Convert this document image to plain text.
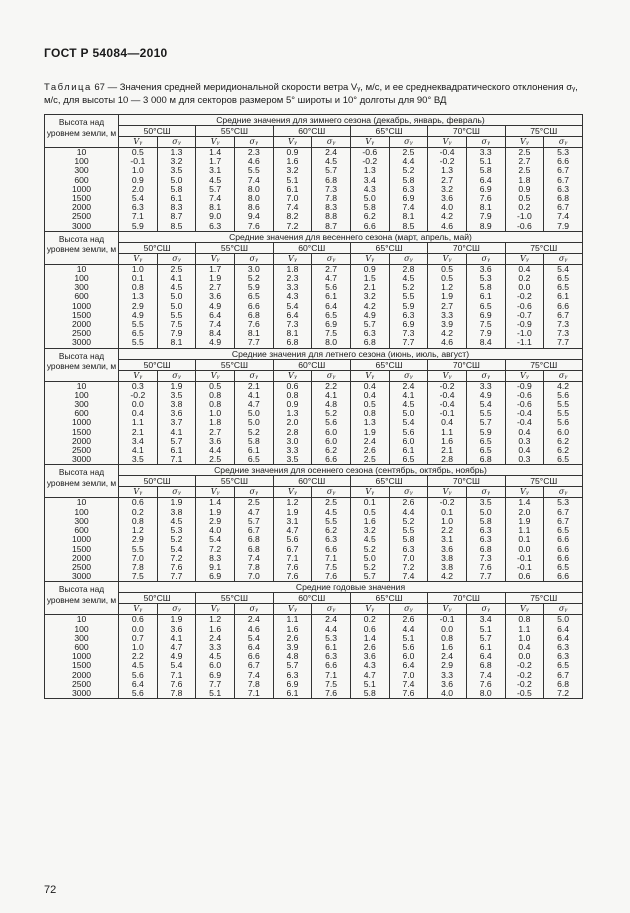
ГОСТ Р 54084—2010
Таблица 67 — Значения средней меридиональной скорости ветра Vᵧ, м/с, и ее среднеквадратического отклонения σᵧ, м/с, для высоты 10 — 3 000 м для секторов размером 5° широты и 10° долготы для 90° ВД
Высота над уровнем земли, м	Средние значения для зимнего сезона (декабрь, январь, февраль)											
	50°СШ		55°СШ		60°СШ		65°СШ		70°СШ		75°СШ	
	Vᵧ	σᵧ	Vᵧ	σᵧ	Vᵧ	σᵧ	Vᵧ	σᵧ	Vᵧ	σᵧ	Vᵧ	σᵧ
10	0.5	1.3	1.4	2.3	0.9	2.4	-0.6	2.5	-0.4	3.3	2.5	5.3
100	-0.1	3.2	1.7	4.6	1.6	4.5	-0.2	4.4	-0.2	5.1	2.7	6.6
300	1.0	3.5	3.1	5.5	3.2	5.7	1.3	5.2	1.3	5.8	2.5	6.7
600	0.9	5.0	4.5	7.4	5.1	6.8	3.4	5.8	2.7	6.4	1.8	6.7
1000	2.0	5.8	5.7	8.0	6.1	7.3	4.3	6.3	3.2	6.9	0.9	6.3
1500	5.4	6.1	7.4	8.0	7.0	7.8	5.0	6.9	3.6	7.6	0.5	6.8
2000	6.3	8.3	8.1	8.6	7.4	8.3	5.8	7.4	4.0	8.1	0.2	6.7
2500	7.1	8.7	9.0	9.4	8.2	8.8	6.2	8.1	4.2	7.9	-1.0	7.4
3000	5.9	8.5	6.3	7.6	7.2	8.7	6.6	8.5	4.6	8.9	-0.6	7.9
Высота над уровнем земли, м	Средние значения для весеннего сезона (март, апрель, май)											
	50°СШ		55°СШ		60°СШ		65°СШ		70°СШ		75°СШ	
	Vᵧ	σᵧ	Vᵧ	σᵧ	Vᵧ	σᵧ	Vᵧ	σᵧ	Vᵧ	σᵧ	Vᵧ	σᵧ
10	1.0	2.5	1.7	3.0	1.8	2.7	0.9	2.8	0.5	3.6	0.4	5.4
100	0.1	4.1	1.9	5.2	2.3	4.7	1.5	4.5	0.5	5.3	0.2	6.5
300	0.8	4.5	2.7	5.9	3.3	5.6	2.1	5.2	1.2	5.8	0.0	6.5
600	1.3	5.0	3.6	6.5	4.3	6.1	3.2	5.5	1.9	6.1	-0.2	6.1
1000	2.9	5.0	4.9	6.6	5.4	6.4	4.2	5.9	2.7	6.5	-0.6	6.6
1500	4.9	5.5	6.4	6.8	6.4	6.5	4.9	6.3	3.3	6.9	-0.7	6.7
2000	5.5	7.5	7.4	7.6	7.3	6.9	5.7	6.9	3.9	7.5	-0.9	7.3
2500	6.5	7.9	8.4	8.1	8.1	7.5	6.3	7.3	4.2	7.9	-1.0	7.3
3000	5.5	8.1	4.9	7.7	6.8	8.0	6.8	7.7	4.6	8.4	-1.1	7.7
Высота над уровнем земли, м	Средние значения для летнего сезона (июнь, июль, август)											
	50°СШ		55°СШ		60°СШ		65°СШ		70°СШ		75°СШ	
	Vᵧ	σᵧ	Vᵧ	σᵧ	Vᵧ	σᵧ	Vᵧ	σᵧ	Vᵧ	σᵧ	Vᵧ	σᵧ
10	0.3	1.9	0.5	2.1	0.6	2.2	0.4	2.4	-0.2	3.3	-0.9	4.2
100	-0.2	3.5	0.8	4.1	0.8	4.1	0.4	4.1	-0.4	4.9	-0.6	5.6
300	0.0	3.8	0.8	4.7	0.9	4.8	0.5	4.5	-0.4	5.4	-0.6	5.5
600	0.4	3.6	1.0	5.0	1.3	5.2	0.8	5.0	-0.1	5.5	-0.4	5.5
1000	1.1	3.7	1.8	5.0	2.0	5.6	1.3	5.4	0.4	5.7	-0.4	5.6
1500	2.1	4.1	2.7	5.2	2.8	6.0	1.9	5.6	1.1	5.9	0.4	6.0
2000	3.4	5.7	3.6	5.8	3.0	6.0	2.4	6.0	1.6	6.5	0.3	6.2
2500	4.1	6.1	4.4	6.1	3.3	6.2	2.6	6.1	2.1	6.5	0.4	6.2
3000	3.5	7.1	2.5	6.5	3.5	6.6	2.5	6.5	2.8	6.8	0.3	6.5
Высота над уровнем земли, м	Средние значения для осеннего сезона (сентябрь, октябрь, ноябрь)											
	50°СШ		55°СШ		60°СШ		65°СШ		70°СШ		75°СШ	
	Vᵧ	σᵧ	Vᵧ	σᵧ	Vᵧ	σᵧ	Vᵧ	σᵧ	Vᵧ	σᵧ	Vᵧ	σᵧ
10	0.6	1.9	1.4	2.5	1.2	2.5	0.1	2.6	-0.2	3.5	1.4	5.3
100	0.2	3.8	1.9	4.7	1.9	4.5	0.5	4.4	0.1	5.0	2.0	6.7
300	0.8	4.5	2.9	5.7	3.1	5.5	1.6	5.2	1.0	5.8	1.9	6.7
600	1.2	5.3	4.0	6.7	4.7	6.2	3.2	5.5	2.2	6.3	1.1	6.5
1000	2.9	5.2	5.4	6.8	5.6	6.3	4.5	5.8	3.1	6.3	0.1	6.6
1500	5.5	5.4	7.2	6.8	6.7	6.6	5.2	6.3	3.6	6.8	0.0	6.6
2000	7.0	7.2	8.3	7.4	7.1	7.1	5.0	7.0	3.8	7.3	-0.1	6.6
2500	7.8	7.6	9.1	7.8	7.6	7.5	5.2	7.2	3.8	7.6	-0.1	6.5
3000	7.5	7.7	6.9	7.0	7.6	7.6	5.7	7.4	4.2	7.7	0.6	6.6
Высота над уровнем земли, м	Средние годовые значения											
	50°СШ		55°СШ		60°СШ		65°СШ		70°СШ		75°СШ	
	Vᵧ	σᵧ	Vᵧ	σᵧ	Vᵧ	σᵧ	Vᵧ	σᵧ	Vᵧ	σᵧ	Vᵧ	σᵧ
10	0.6	1.9	1.2	2.4	1.1	2.4	0.2	2.6	-0.1	3.4	0.8	5.0
100	0.0	3.6	1.6	4.6	1.6	4.4	0.6	4.4	0.0	5.1	1.1	6.4
300	0.7	4.1	2.4	5.4	2.6	5.3	1.4	5.1	0.8	5.7	1.0	6.4
600	1.0	4.7	3.3	6.4	3.9	6.1	2.6	5.6	1.6	6.1	0.4	6.3
1000	2.2	4.9	4.5	6.6	4.8	6.3	3.6	6.0	2.4	6.4	0.0	6.3
1500	4.5	5.4	6.0	6.7	5.7	6.6	4.3	6.4	2.9	6.8	-0.2	6.5
2000	5.6	7.1	6.9	7.4	6.3	7.1	4.7	7.0	3.3	7.4	-0.2	6.7
2500	6.4	7.6	7.7	7.8	6.9	7.5	5.1	7.4	3.6	7.6	-0.2	6.8
3000	5.6	7.8	5.1	7.1	6.1	7.6	5.8	7.6	4.0	8.0	-0.5	7.2
72
